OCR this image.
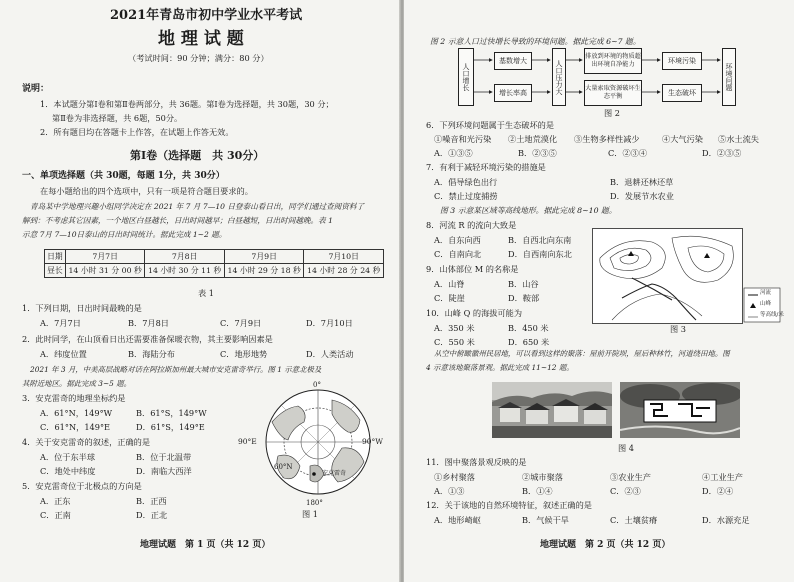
2021年青岛市初中学业水平考试
地 理 试 题
（考试时间：90 分钟；满分：80 分）
说明：
1．本试题分第Ⅰ卷和第Ⅱ卷两部分，共 36题。第Ⅰ卷为选择题，共 30题，30 分；
第Ⅱ卷为非选择题，共 6题，50分。
2．所有题目均在答题卡上作答，在试题上作答无效。
第Ⅰ卷（选择题　共 30分）
一、单项选择题（共 30题，每题 1分，共 30分）
在每小题给出的四个选项中，只有一项是符合题目要求的。
青岛某中学地理兴趣小组同学决定在 2021 年 7 月 7—10 日登泰山看日出，同学们通过查阅资料了
解到：不考虑其它因素，一个地区白昼越长，日出时间越早；白昼越短，日出时间越晚。表 1
示意 7月 7—10日泰山的日出时间统计。据此完成 1~2 题。
日期	7月7日	7月8日	7月9日	7月10日
昼长	14 小时 31 分 00 秒	14 小时 30 分 11 秒	14 小时 29 分 18 秒	14 小时 28 分 24 秒
表 1
1．下列日期，日出时间最晚的是
A．7月7日	B．7月8日	C．7月9日	D．7月10日
2．此时同学，在山顶看日出还需要准备保暖衣物，其主要影响因素是
A．纬度位置	B．海陆分布	C．地形地势	D．人类活动
2021 年 3 月，中美高层战略对话在阿拉斯加州最大城市安克雷奇举行。图 1 示意北极及
其附近地区。据此完成 3~5 题。
3．安克雷奇的地理坐标约是
A．61°N，149°W	B．61°S，149°W
C．61°N，149°E	D．61°S，149°E
4．关于安克雷奇的叙述，正确的是
A．位于东半球	B．位于北温带
C．地处中纬度	D．南临大西洋
5．安克雷奇位于北极点的方向是
A．正东	B．正西
C．正南	D．正北
0°
60°N
安克雷奇
180°
90°E	90°W
图 1
地理试题　第 1 页（共 12 页）
图 2 示意人口过快增长导致的环境问题。据此完成 6~7 题。
人口增长
基数增大
增长率高	人口压力大
排放到环境的物质超出环境自净能力
大量索取资源破坏生态平衡
环境污染
生态破坏
环境问题
图 2
6．下列环境问题属于生态破坏的是
①噪音和光污染 ②土地荒漠化 ③生物多样性减少	④大气污染 ⑤水土流失
A．①③⑤	B．②③⑤	C．②③④	D．②③⑤
7．有利于减轻环境污染的措施是
A．倡导绿色出行	B．退耕还林还草
C．禁止过度捕捞	D．发展节水农业
图 3 示意某区域等高线地形。据此完成 8~10 题。
8．河流 R 的流向大致是
A．自东向西	B．自西北向东南
C．自南向北	D．自西南向东北
9．山体部位 M 的名称是
A．山脊	B．山谷
C．陡崖	D．鞍部
10．山峰 Q 的海拔可能为
A．350 米	B．450 米
C．550 米	D．650 米
河流
山峰
等高线/米
图 3
从空中俯瞰徽州民居地，可以看到这样的聚落：屋前开院坝，屋后种林竹，河道绕田地。图
4 示意该地聚落景观。据此完成 11~12 题。
图 4
11．图中聚落景观反映的是
①乡村聚落	②城市聚落	③农业生产	④工业生产
A．①③	B．①④	C．②③	D．②④
12．关于该地的自然环境特征，叙述正确的是
A．地形崎岖	B．气候干旱	C．土壤贫瘠	D．水源充足
地理试题　第 2 页（共 12 页）
